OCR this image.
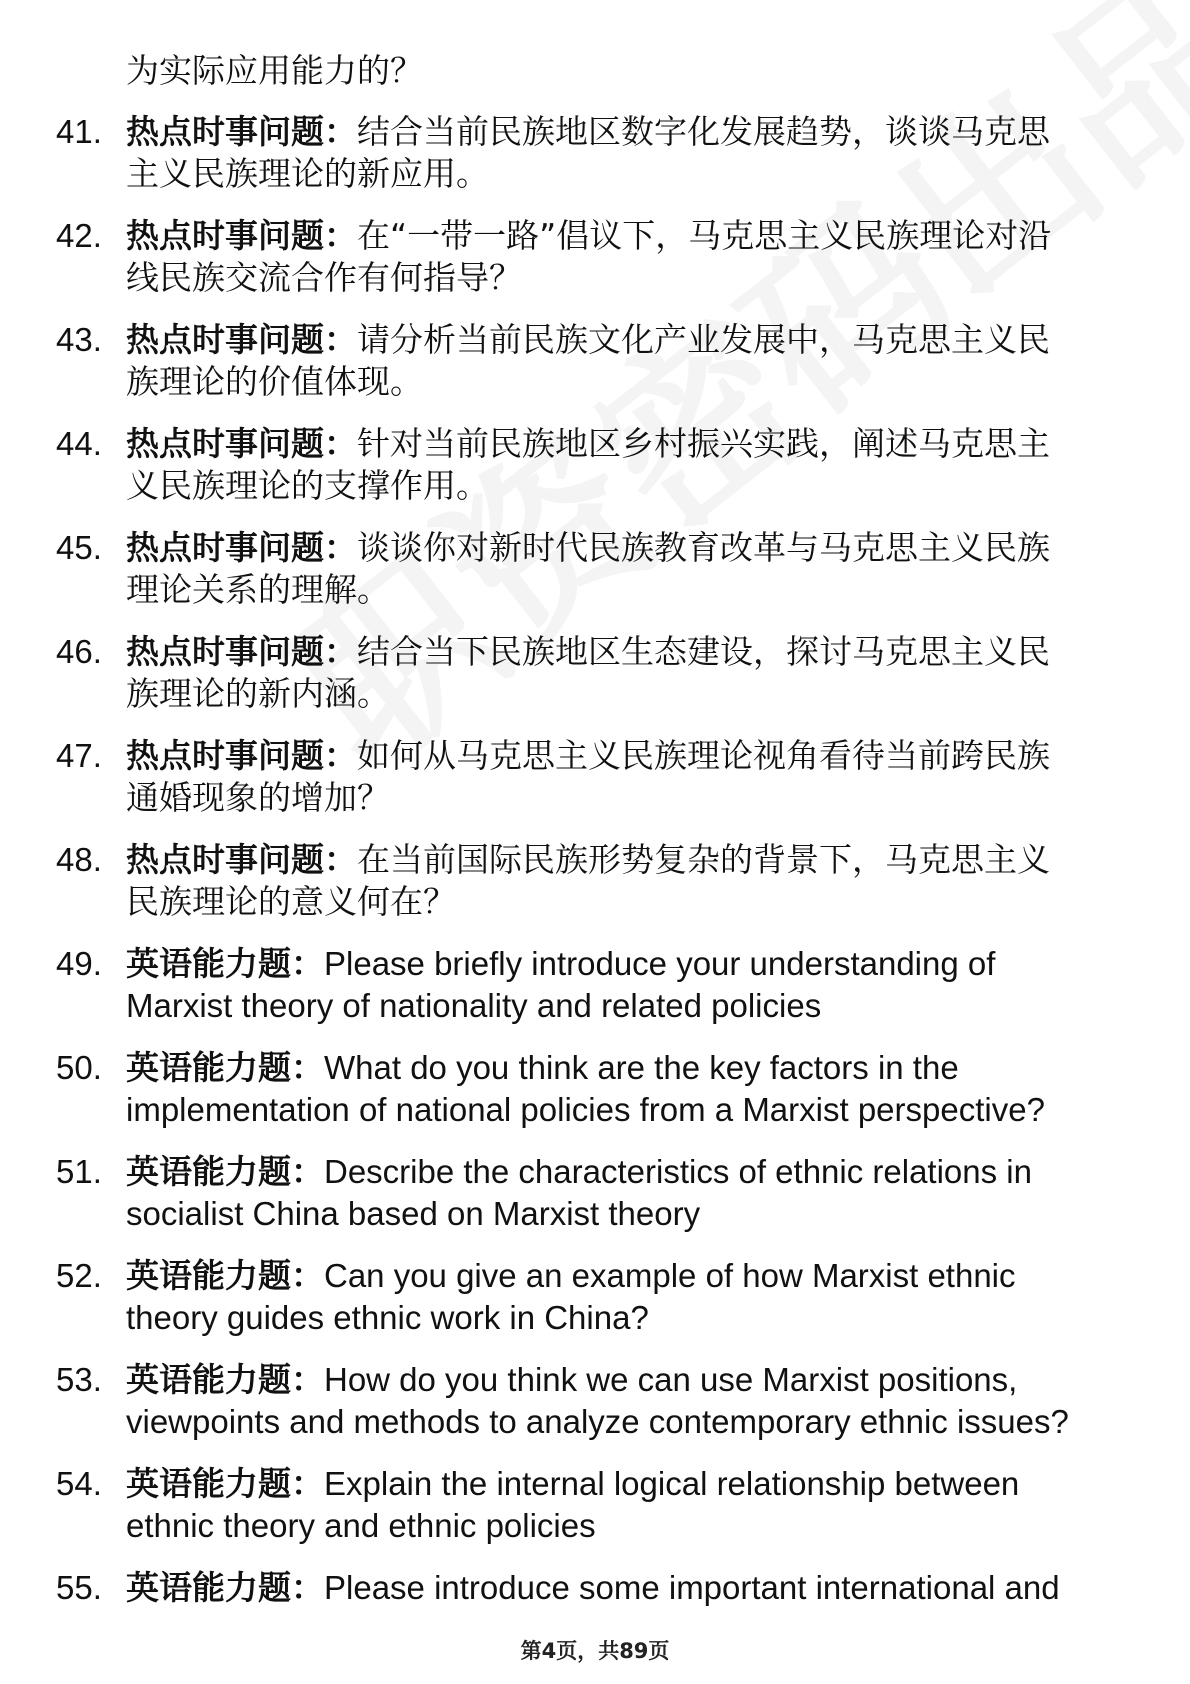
为实际应用能力的？
41. 热点时事问题：结合当前民族地区数字化发展趋势，谈谈马克思
主义民族理论的新应用。
42. 热点时事问题：在“一带一路”倡议下，马克思主义民族理论对沿
线民族交流合作有何指导？
43. 热点时事问题：请分析当前民族文化产业发展中，马克思主义民
族理论的价值体现。
44. 热点时事问题：针对当前民族地区乡村振兴实践，阐述马克思主
义民族理论的支撑作用。
45. 热点时事问题：谈谈你对新时代民族教育改革与马克思主义民族
理论关系的理解。
46. 热点时事问题：结合当下民族地区生态建设，探讨马克思主义民
族理论的新内涵。
47. 热点时事问题：如何从马克思主义民族理论视角看待当前跨民族
通婚现象的增加？
48. 热点时事问题：在当前国际民族形势复杂的背景下，马克思主义
民族理论的意义何在？
49. 英语能力题：Please briefly introduce your understanding of
Marxist theory of nationality and related policies
50. 英语能力题：What do you think are the key factors in the
implementation of national policies from a Marxist perspective?
51. 英语能力题：Describe the characteristics of ethnic relations in
socialist China based on Marxist theory
52. 英语能力题：Can you give an example of how Marxist ethnic
theory guides ethnic work in China?
53. 英语能力题：How do you think we can use Marxist positions,
viewpoints and methods to analyze contemporary ethnic issues?
54. 英语能力题：Explain the internal logical relationship between
ethnic theory and ethnic policies
55. 英语能力题：Please introduce some important international and
第4页，共89页
